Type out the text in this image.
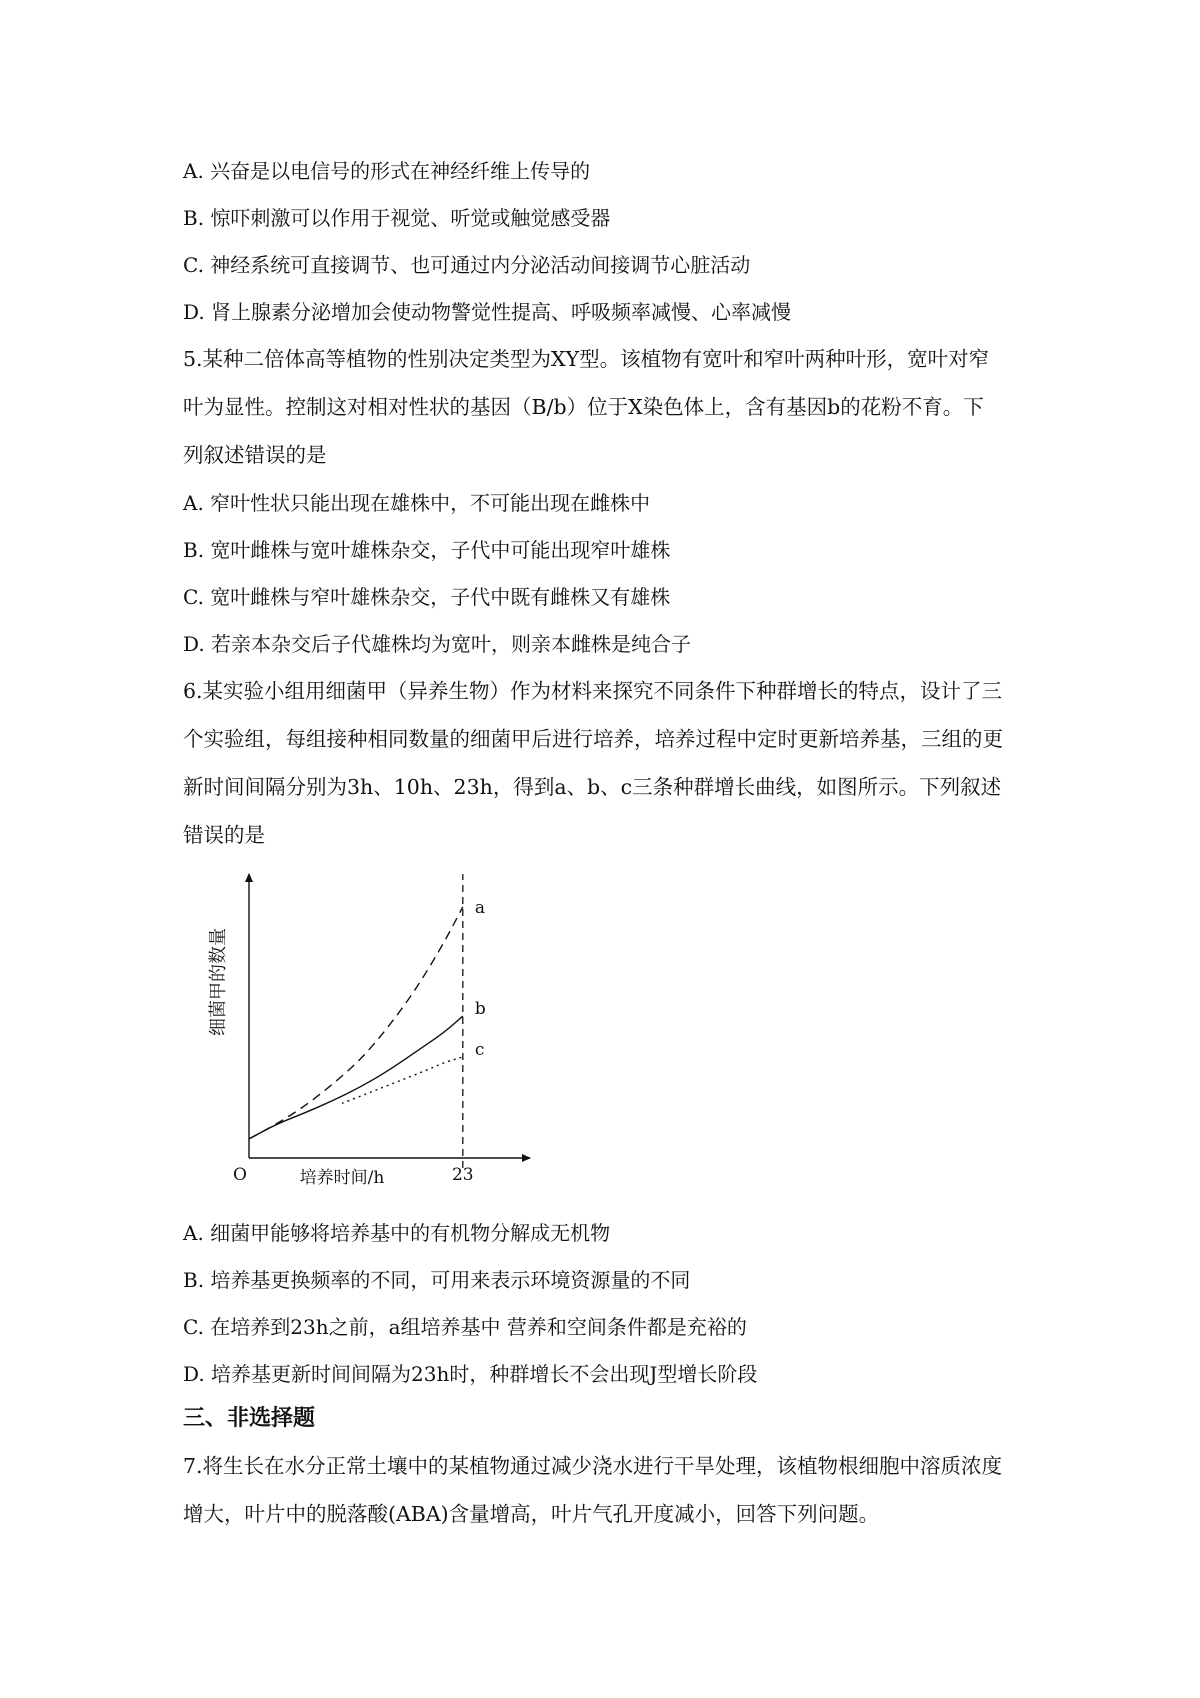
A. 兴奋是以电信号的形式在神经纤维上传导的
B. 惊吓刺激可以作用于视觉、听觉或触觉感受器
C. 神经系统可直接调节、也可通过内分泌活动间接调节心脏活动
D. 肾上腺素分泌增加会使动物警觉性提高、呼吸频率减慢、心率减慢
5.某种二倍体高等植物的性别决定类型为XY型。该植物有宽叶和窄叶两种叶形，宽叶对窄
叶为显性。控制这对相对性状的基因（B/b）位于X染色体上，含有基因b的花粉不育。下
列叙述错误的是
A. 窄叶性状只能出现在雄株中，不可能出现在雌株中
B. 宽叶雌株与宽叶雄株杂交，子代中可能出现窄叶雄株
C. 宽叶雌株与窄叶雄株杂交，子代中既有雌株又有雄株
D. 若亲本杂交后子代雄株均为宽叶，则亲本雌株是纯合子
6.某实验小组用细菌甲（异养生物）作为材料来探究不同条件下种群增长的特点，设计了三
个实验组，每组接种相同数量的细菌甲后进行培养，培养过程中定时更新培养基，三组的更
新时间间隔分别为3h、10h、23h，得到a、b、c三条种群增长曲线，如图所示。下列叙述
错误的是
a
b
c
细菌甲的数量
培养时间/h
O	23
A. 细菌甲能够将培养基中的有机物分解成无机物
B. 培养基更换频率的不同，可用来表示环境资源量的不同
C. 在培养到23h之前，a组培养基中 营养和空间条件都是充裕的
D. 培养基更新时间间隔为23h时，种群增长不会出现J型增长阶段
三、非选择题
7.将生长在水分正常土壤中的某植物通过减少浇水进行干旱处理，该植物根细胞中溶质浓度
增大，叶片中的脱落酸(ABA)含量增高，叶片气孔开度减小，回答下列问题。
